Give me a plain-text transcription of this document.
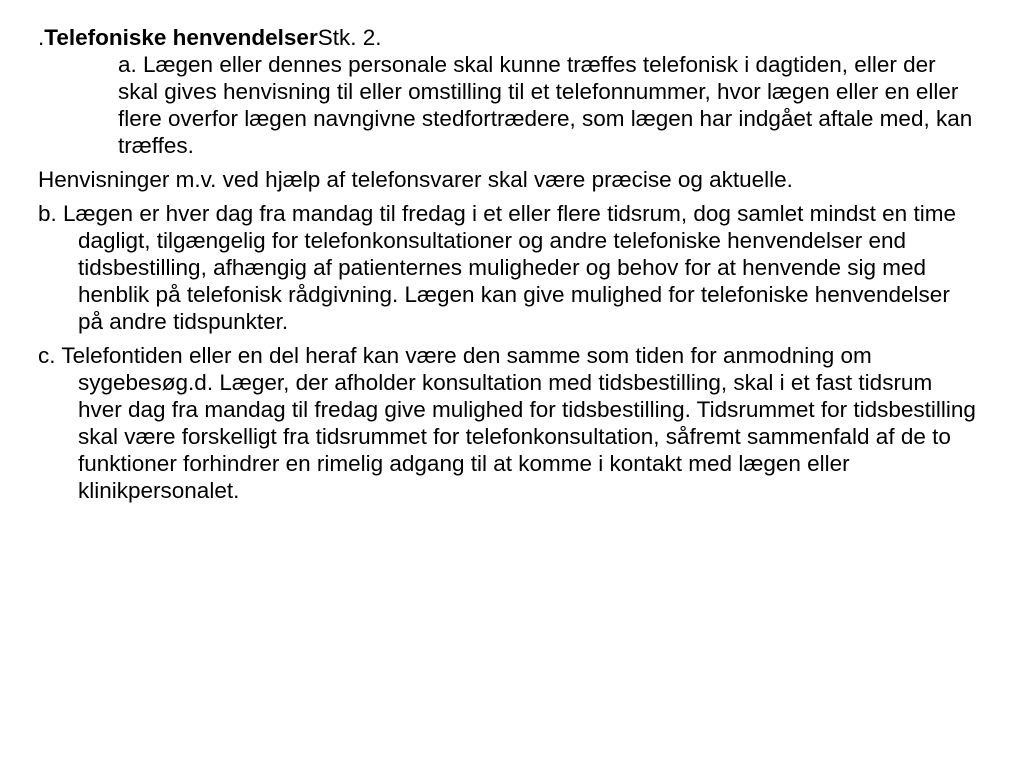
.Telefoniske henvendelserStk. 2.
a. Lægen eller dennes personale skal kunne træffes telefonisk i dagtiden, eller der skal gives henvisning til eller omstilling til et telefonnummer, hvor lægen eller en eller flere overfor lægen navngivne stedfortrædere, som lægen har indgået aftale med, kan træffes.

Henvisninger m.v. ved hjælp af telefonsvarer skal være præcise og aktuelle.

b. Lægen er hver dag fra mandag til fredag i et eller flere tidsrum, dog samlet mindst en time dagligt, tilgængelig for telefonkonsultationer og andre telefoniske henvendelser end tidsbestilling, afhængig af patienternes muligheder og behov for at henvende sig med henblik på telefonisk rådgivning. Lægen kan give mulighed for telefoniske henvendelser på andre tidspunkter.

c. Telefontiden eller en del heraf kan være den samme som tiden for anmodning om sygebesøg.d. Læger, der afholder konsultation med tidsbestilling, skal i et fast tidsrum hver dag fra mandag til fredag give mulighed for tidsbestilling. Tidsrummet for tidsbestilling skal være forskelligt fra tidsrummet for telefonkonsultation, såfremt sammenfald af de to funktioner forhindrer en rimelig adgang til at komme i kontakt med lægen eller klinikpersonalet.
